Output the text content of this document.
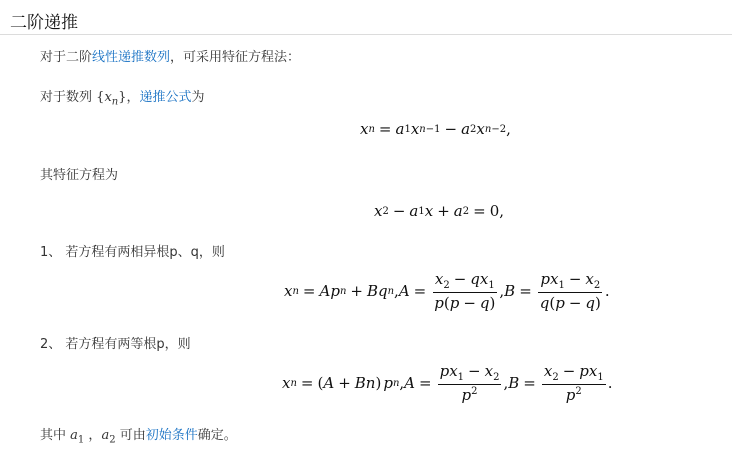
二阶递推
对于二阶线性递推数列，可采用特征方程法：
对于数列 $\{x_n\}$，递推公式为
x n = a 1 x n−1 − a 2 x n−2 ,
其特征方程为
x 2 − a 1 x + a 2 = 0,
1、 若方程有两相异根p、q，则
x n = Ap n + Bq n , $A = \frac{x_2 - qx_1}{p(p - q)}$ , $B = \frac{px_1 - x_2}{q(p - q)}$ .
2、 若方程有两等根p，则
x n = ( A + Bn ) p n , $A = \frac{px_1 - x_2}{p^2}$ , $B = \frac{x_2 - px_1}{p^2}$ .
其中 $a_1$ ，$a_2$ 可由初始条件确定。
